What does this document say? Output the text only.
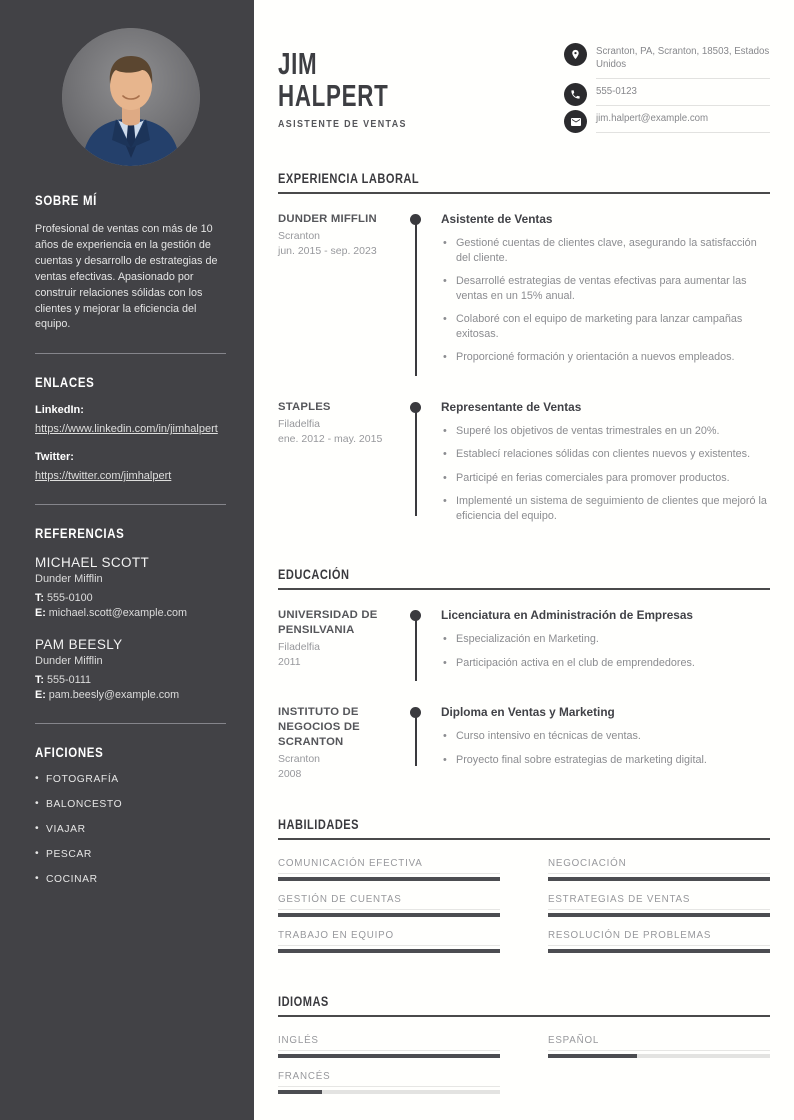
SOBRE MÍ

Profesional de ventas con más de 10 años de experiencia en la gestión de cuentas y desarrollo de estrategias de ventas efectivas. Apasionado por construir relaciones sólidas con los clientes y mejorar la eficiencia del equipo.

ENLACES
LinkedIn:
https://www.linkedin.com/in/jimhalpert
Twitter:
https://twitter.com/jimhalpert
REFERENCIAS
MICHAEL SCOTT
Dunder Mifflin
T: 555-0100
E: michael.scott@example.com
PAM BEESLY
Dunder Mifflin
T: 555-0111
E: pam.beesly@example.com
AFICIONES
• FOTOGRAFÍA
• BALONCESTO
• VIAJAR
• PESCAR
• COCINAR
JIM
HALPERT
ASISTENTE DE VENTAS
Scranton, PA, Scranton, 18503, Estados Unidos
555-0123
jim.halpert@example.com
EXPERIENCIA LABORAL
DUNDER MIFFLIN
Scranton
jun. 2015 - sep. 2023
Asistente de Ventas
• Gestioné cuentas de clientes clave, asegurando la satisfacción del cliente.
• Desarrollé estrategias de ventas efectivas para aumentar las ventas en un 15% anual.
• Colaboré con el equipo de marketing para lanzar campañas exitosas.
• Proporcioné formación y orientación a nuevos empleados.
STAPLES
Filadelfia
ene. 2012 - may. 2015
Representante de Ventas
• Superé los objetivos de ventas trimestrales en un 20%.
• Establecí relaciones sólidas con clientes nuevos y existentes.
• Participé en ferias comerciales para promover productos.
• Implementé un sistema de seguimiento de clientes que mejoró la eficiencia del equipo.
EDUCACIÓN
UNIVERSIDAD DE PENSILVANIA
Filadelfia
2011
Licenciatura en Administración de Empresas
• Especialización en Marketing.
• Participación activa en el club de emprendedores.
INSTITUTO DE NEGOCIOS DE SCRANTON
Scranton
2008
Diploma en Ventas y Marketing
• Curso intensivo en técnicas de ventas.
• Proyecto final sobre estrategias de marketing digital.
HABILIDADES
COMUNICACIÓN EFECTIVA	NEGOCIACIÓN
GESTIÓN DE CUENTAS	ESTRATEGIAS DE VENTAS
TRABAJO EN EQUIPO	RESOLUCIÓN DE PROBLEMAS
IDIOMAS
INGLÉS	ESPAÑOL
FRANCÉS
